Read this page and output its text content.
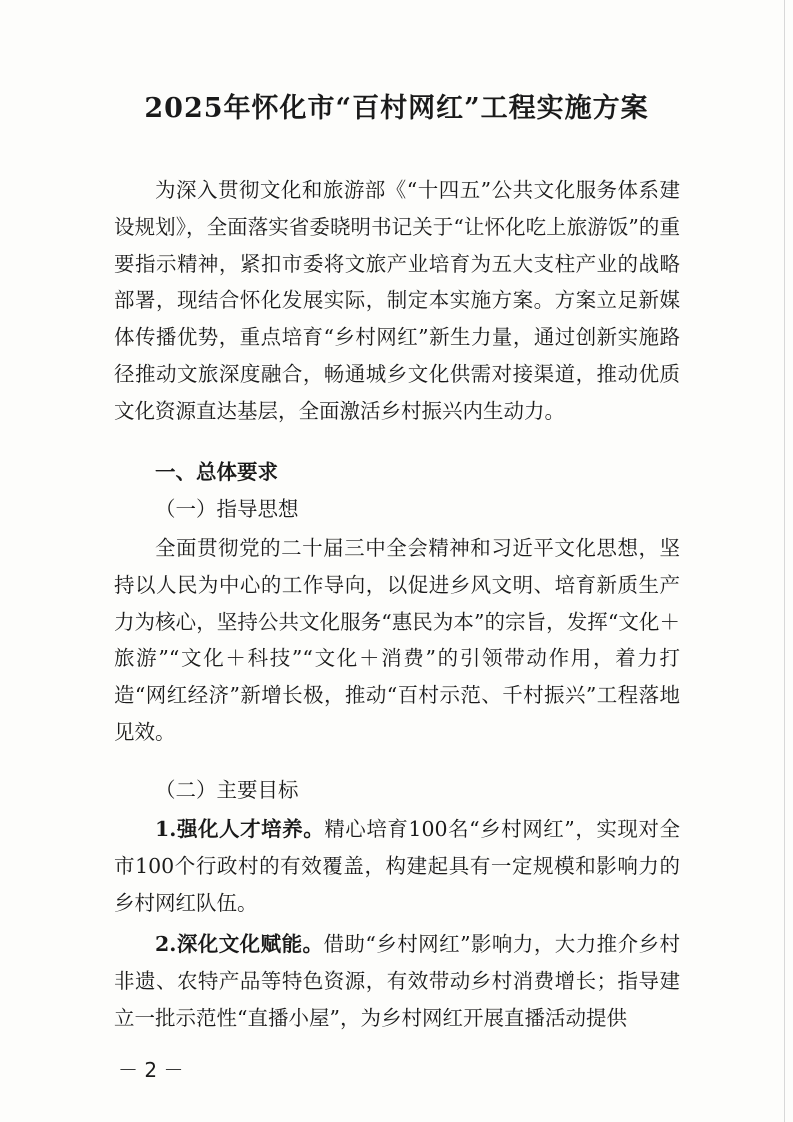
2025年怀化市“百村网红”工程实施方案

为深入贯彻文化和旅游部《“十四五”公共文化服务体系建设规划》，全面落实省委晓明书记关于“让怀化吃上旅游饭”的重要指示精神，紧扣市委将文旅产业培育为五大支柱产业的战略部署，现结合怀化发展实际，制定本实施方案。方案立足新媒体传播优势，重点培育“乡村网红”新生力量，通过创新实施路径推动文旅深度融合，畅通城乡文化供需对接渠道，推动优质文化资源直达基层，全面激活乡村振兴内生动力。

一、总体要求
（一）指导思想

全面贯彻党的二十届三中全会精神和习近平文化思想，坚持以人民为中心的工作导向，以促进乡风文明、培育新质生产力为核心，坚持公共文化服务“惠民为本”的宗旨，发挥“文化＋旅游”“文化＋科技”“文化＋消费”的引领带动作用，着力打造“网红经济”新增长极，推动“百村示范、千村振兴”工程落地见效。

（二）主要目标

1.强化人才培养。精心培育100名“乡村网红”，实现对全市100个行政村的有效覆盖，构建起具有一定规模和影响力的乡村网红队伍。

2.深化文化赋能。借助“乡村网红”影响力，大力推介乡村非遗、农特产品等特色资源，有效带动乡村消费增长；指导建立一批示范性“直播小屋”，为乡村网红开展直播活动提供

－ 2 －
